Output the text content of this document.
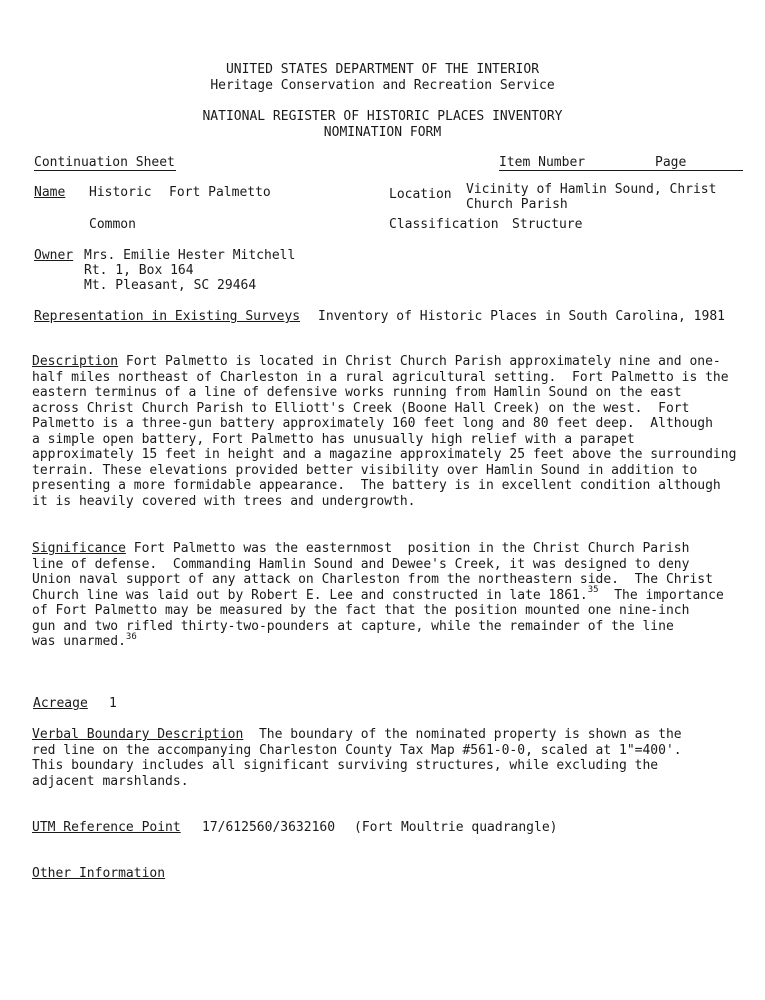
UNITED STATES DEPARTMENT OF THE INTERIOR
Heritage Conservation and Recreation Service
NATIONAL REGISTER OF HISTORIC PLACES INVENTORY
NOMINATION FORM
Continuation Sheet	Item Number	Page
Name Historic Fort Palmetto	Location Vicinity of Hamlin Sound, Christ
Church Parish
Common	Classification Structure
Owner Mrs. Emilie Hester Mitchell
Rt. 1, Box 164
Mt. Pleasant, SC 29464
Representation in Existing Surveys Inventory of Historic Places in South Carolina, 1981
Description Fort Palmetto is located in Christ Church Parish approximately nine and one-
half miles northeast of Charleston in a rural agricultural setting.  Fort Palmetto is the
eastern terminus of a line of defensive works running from Hamlin Sound on the east
across Christ Church Parish to Elliott's Creek (Boone Hall Creek) on the west.  Fort
Palmetto is a three-gun battery approximately 160 feet long and 80 feet deep.  Although
a simple open battery, Fort Palmetto has unusually high relief with a parapet
approximately 15 feet in height and a magazine approximately 25 feet above the surrounding
terrain. These elevations provided better visibility over Hamlin Sound in addition to
presenting a more formidable appearance.  The battery is in excellent condition although
it is heavily covered with trees and undergrowth.
Significance Fort Palmetto was the easternmost  position in the Christ Church Parish
line of defense.  Commanding Hamlin Sound and Dewee's Creek, it was designed to deny
Union naval support of any attack on Charleston from the northeastern side.  The Christ
Church line was laid out by Robert E. Lee and constructed in late 1861.35  The importance
of Fort Palmetto may be measured by the fact that the position mounted one nine-inch
gun and two rifled thirty-two-pounders at capture, while the remainder of the line
was unarmed.$^{36}$
Acreage 1
Verbal Boundary Description  The boundary of the nominated property is shown as the
red line on the accompanying Charleston County Tax Map #561-0-0, scaled at 1"=400'.
This boundary includes all significant surviving structures, while excluding the
adjacent marshlands.
UTM Reference Point 17/612560/3632160 (Fort Moultrie quadrangle)
Other Information
